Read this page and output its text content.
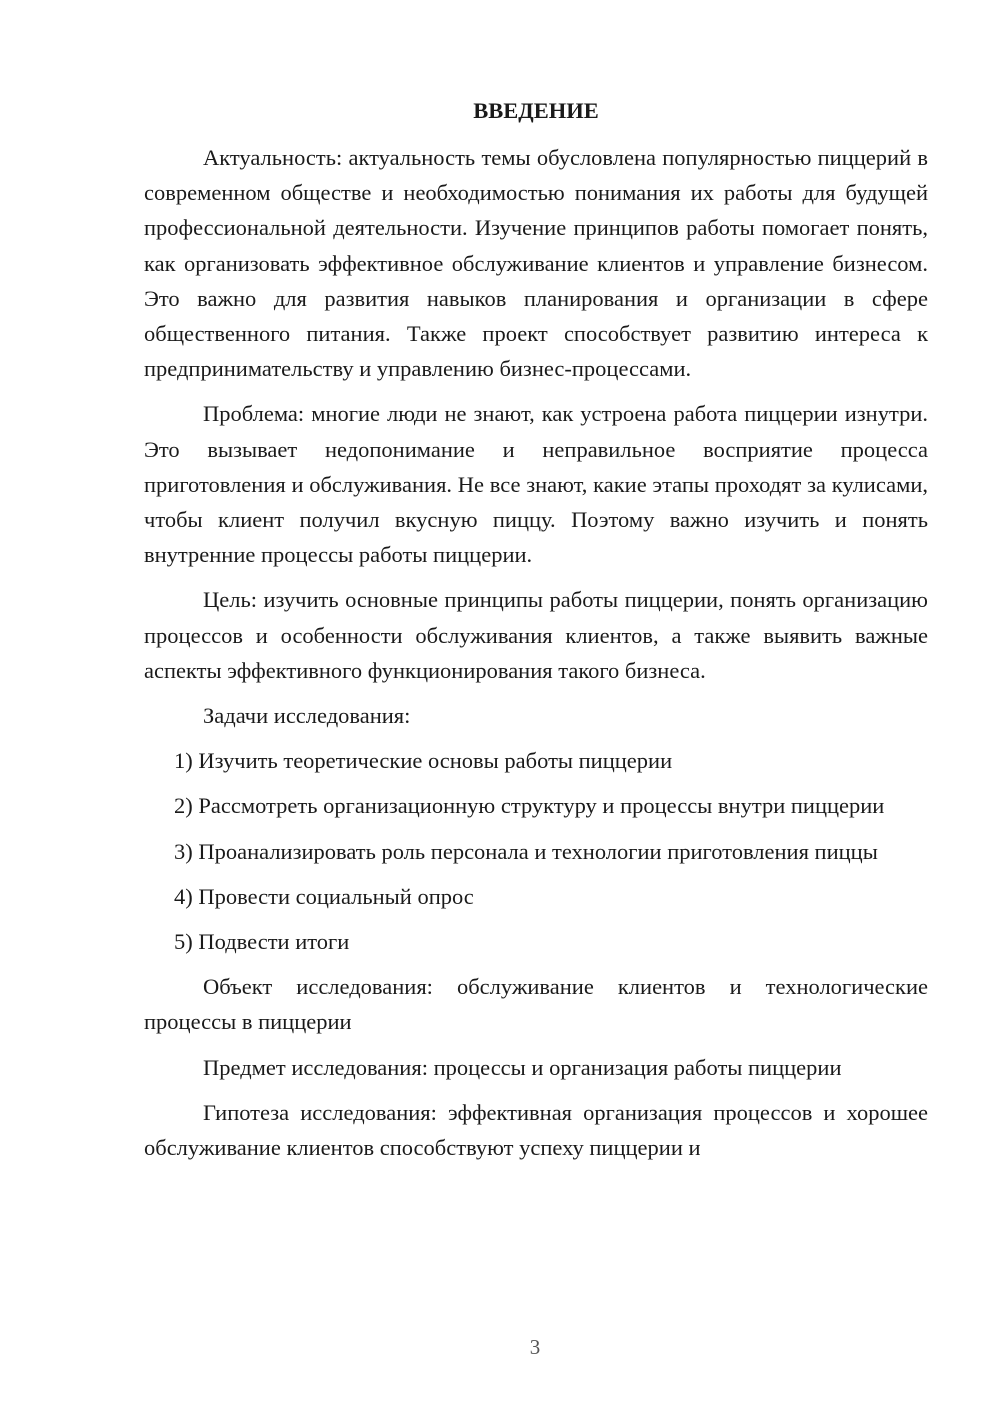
ВВЕДЕНИЕ

Актуальность: актуальность темы обусловлена популярностью пиццерий в современном обществе и необходимостью понимания их работы для будущей профессиональной деятельности. Изучение принципов работы помогает понять, как организовать эффективное обслуживание клиентов и управление бизнесом. Это важно для развития навыков планирования и организации в сфере общественного питания. Также проект способствует развитию интереса к предпринимательству и управлению бизнес-процессами.

Проблема: многие люди не знают, как устроена работа пиццерии изнутри. Это вызывает недопонимание и неправильное восприятие процесса приготовления и обслуживания. Не все знают, какие этапы проходят за кулисами, чтобы клиент получил вкусную пиццу. Поэтому важно изучить и понять внутренние процессы работы пиццерии.

Цель: изучить основные принципы работы пиццерии, понять организацию процессов и особенности обслуживания клиентов, а также выявить важные аспекты эффективного функционирования такого бизнеса.

Задачи исследования:

1) Изучить теоретические основы работы пиццерии

2) Рассмотреть организационную структуру и процессы внутри пиццерии

3) Проанализировать роль персонала и технологии приготовления пиццы

4) Провести социальный опрос

5) Подвести итоги

Объект исследования: обслуживание клиентов и технологические процессы в пиццерии

Предмет исследования: процессы и организация работы пиццерии

Гипотеза исследования: эффективная организация процессов и хорошее обслуживание клиентов способствуют успеху пиццерии и

3
